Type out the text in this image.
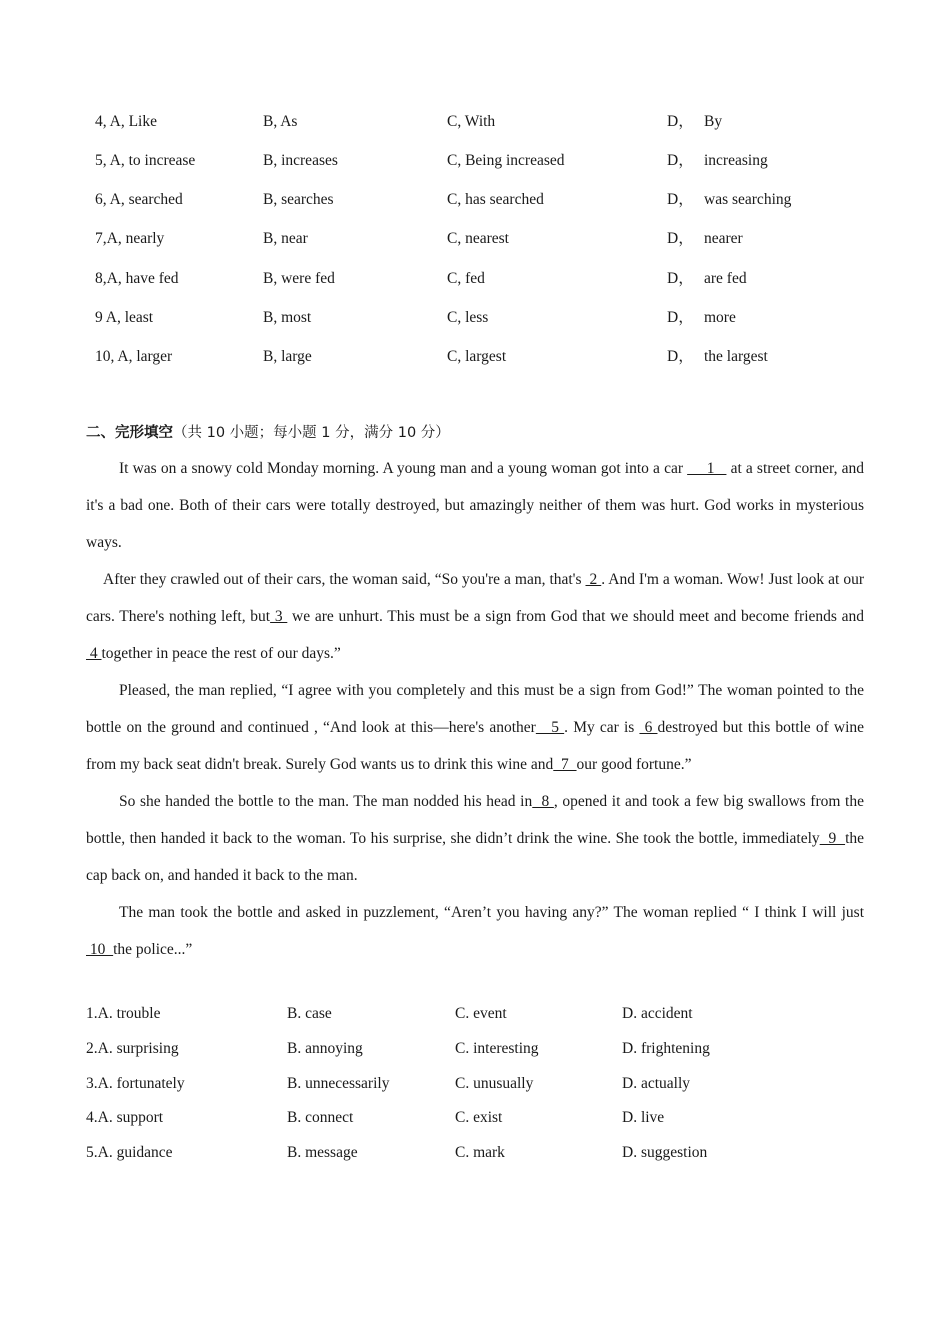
4, A, Like	B, As	C, With	D， By
5, A, to increase	B, increases	C, Being increased	D， increasing
6, A, searched	B, searches	C, has searched	D， was searching
7,A, nearly	B, near	C, nearest	D， nearer
8,A, have fed	B, were fed	C, fed	D， are fed
9 A, least	B, most	C, less	D， more
10, A, larger	B, large	C, largest	D， the largest
二、完形填空（共 10 小题；每小题 1 分，满分 10 分）

It was on a snowy cold Monday morning. A young man and a young woman got into a car  __1_  at a street corner, and it's a bad one. Both of their cars were totally destroyed, but amazingly neither of them was hurt. God works in mysterious ways.

After they crawled out of their cars, the woman said, “So you're a man, that's  2 . And I'm a woman. Wow! Just look at our cars. There's nothing left, but 3  we are unhurt. This must be a sign from God that we should meet and become friends and  4 together in peace the rest of our days.”

Pleased, the man replied, “I agree with you completely and this must be a sign from God!” The woman pointed to the bottle on the ground and continued , “And look at this—here's another   5 . My car is  6 destroyed but this bottle of wine from my back seat didn't break. Surely God wants us to drink this wine and  7  our good fortune.”

So she handed the bottle to the man. The man nodded his head in  8 , opened it and took a few big swallows from the bottle, then handed it back to the woman. To his surprise, she didn’t drink the wine. She took the bottle, immediately  9  the cap back on, and handed it back to the man.

The man took the bottle and asked in puzzlement, “Aren’t you having any?” The woman replied “ I think I will just  10  the police...”

1.A. trouble	B. case	C. event	D. accident
2.A. surprising	B. annoying	C. interesting	D. frightening
3.A. fortunately	B. unnecessarily	C. unusually	D. actually
4.A. support	B. connect	C. exist	D. live
5.A. guidance	B. message	C. mark	D. suggestion
